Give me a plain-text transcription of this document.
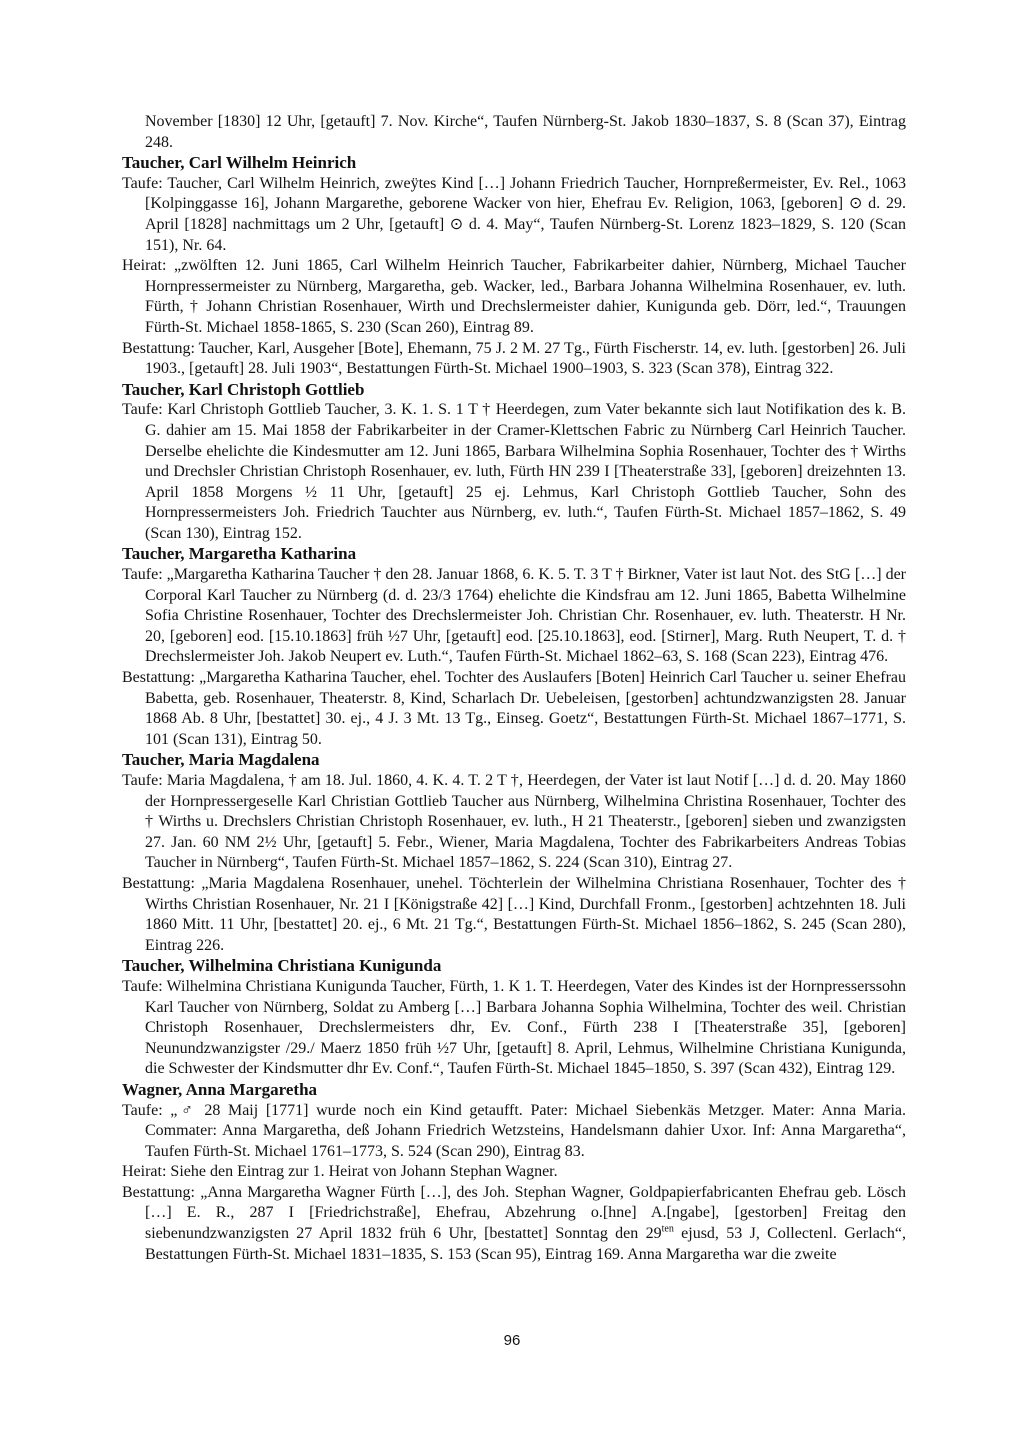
November [1830] 12 Uhr, [getauft] 7. Nov. Kirche“, Taufen Nürnberg-St. Jakob 1830–1837, S. 8 (Scan 37), Eintrag 248.

Taucher, Carl Wilhelm Heinrich

Taufe: Taucher, Carl Wilhelm Heinrich, zweÿtes Kind […] Johann Friedrich Taucher, Hornpreßermeister, Ev. Rel., 1063 [Kolpinggasse 16], Johann Margarethe, geborene Wacker von hier, Ehefrau Ev. Religion, 1063, [geboren] ⊙ d. 29. April [1828] nachmittags um 2 Uhr, [getauft] ⊙ d. 4. May“, Taufen Nürnberg-St. Lorenz 1823–1829, S. 120 (Scan 151), Nr. 64.

Heirat: „zwölften 12. Juni 1865, Carl Wilhelm Heinrich Taucher, Fabrikarbeiter dahier, Nürnberg, Michael Taucher Hornpressermeister zu Nürnberg, Margaretha, geb. Wacker, led., Barbara Johanna Wilhelmina Rosenhauer, ev. luth. Fürth, † Johann Christian Rosenhauer, Wirth und Drechslermeister dahier, Kunigunda geb. Dörr, led.“, Trauungen Fürth-St. Michael 1858-1865, S. 230 (Scan 260), Eintrag 89.

Bestattung: Taucher, Karl, Ausgeher [Bote], Ehemann, 75 J. 2 M. 27 Tg., Fürth Fischerstr. 14, ev. luth. [gestorben] 26. Juli 1903., [getauft] 28. Juli 1903“, Bestattungen Fürth-St. Michael 1900–1903, S. 323 (Scan 378), Eintrag 322.

Taucher, Karl Christoph Gottlieb

Taufe: Karl Christoph Gottlieb Taucher, 3. K. 1. S. 1 T † Heerdegen, zum Vater bekannte sich laut Notifikation des k. B. G. dahier am 15. Mai 1858 der Fabrikarbeiter in der Cramer-Klettschen Fabric zu Nürnberg Carl Heinrich Taucher. Derselbe ehelichte die Kindesmutter am 12. Juni 1865, Barbara Wilhelmina Sophia Rosenhauer, Tochter des † Wirths und Drechsler Christian Christoph Rosenhauer, ev. luth, Fürth HN 239 I [Theaterstraße 33], [geboren] dreizehnten 13. April 1858 Morgens ½ 11 Uhr, [getauft] 25 ej. Lehmus, Karl Christoph Gottlieb Taucher, Sohn des Hornpressermeisters Joh. Friedrich Tauchter aus Nürnberg, ev. luth.“, Taufen Fürth-St. Michael 1857–1862, S. 49 (Scan 130), Eintrag 152.

Taucher, Margaretha Katharina

Taufe: „Margaretha Katharina Taucher † den 28. Januar 1868, 6. K. 5. T. 3 T † Birkner, Vater ist laut Not. des StG […] der Corporal Karl Taucher zu Nürnberg (d. d. 23/3 1764) ehelichte die Kindsfrau am 12. Juni 1865, Babetta Wilhelmine Sofia Christine Rosenhauer, Tochter des Drechslermeister Joh. Christian Chr. Rosenhauer, ev. luth. Theaterstr. H Nr. 20, [geboren] eod. [15.10.1863] früh ½7 Uhr, [getauft] eod. [25.10.1863], eod. [Stirner], Marg. Ruth Neupert, T. d. † Drechslermeister Joh. Jakob Neupert ev. Luth.“, Taufen Fürth-St. Michael 1862–63, S. 168 (Scan 223), Eintrag 476.

Bestattung: „Margaretha Katharina Taucher, ehel. Tochter des Auslaufers [Boten] Heinrich Carl Taucher u. seiner Ehefrau Babetta, geb. Rosenhauer, Theaterstr. 8, Kind, Scharlach Dr. Uebeleisen, [gestorben] achtundzwanzigsten 28. Januar 1868 Ab. 8 Uhr, [bestattet] 30. ej., 4 J. 3 Mt. 13 Tg., Einseg. Goetz“, Bestattungen Fürth-St. Michael 1867–1771, S. 101 (Scan 131), Eintrag 50.

Taucher, Maria Magdalena

Taufe: Maria Magdalena, † am 18. Jul. 1860, 4. K. 4. T. 2 T †, Heerdegen, der Vater ist laut Notif […] d. d. 20. May 1860 der Hornpressergeselle Karl Christian Gottlieb Taucher aus Nürnberg, Wilhelmina Christina Rosenhauer, Tochter des † Wirths u. Drechslers Christian Christoph Rosenhauer, ev. luth., H 21 Theaterstr., [geboren] sieben und zwanzigsten 27. Jan. 60 NM 2½ Uhr, [getauft] 5. Febr., Wiener, Maria Magdalena, Tochter des Fabrikarbeiters Andreas Tobias Taucher in Nürnberg“, Taufen Fürth-St. Michael 1857–1862, S. 224 (Scan 310), Eintrag 27.

Bestattung: „Maria Magdalena Rosenhauer, unehel. Töchterlein der Wilhelmina Christiana Rosenhauer, Tochter des † Wirths Christian Rosenhauer, Nr. 21 I [Königstraße 42] […] Kind, Durchfall Fronm., [gestorben] achtzehnten 18. Juli 1860 Mitt. 11 Uhr, [bestattet] 20. ej., 6 Mt. 21 Tg.“, Bestattungen Fürth-St. Michael 1856–1862, S. 245 (Scan 280), Eintrag 226.

Taucher, Wilhelmina Christiana Kunigunda

Taufe: Wilhelmina Christiana Kunigunda Taucher, Fürth, 1. K 1. T. Heerdegen, Vater des Kindes ist der Hornpresserssohn Karl Taucher von Nürnberg, Soldat zu Amberg […] Barbara Johanna Sophia Wilhelmina, Tochter des weil. Christian Christoph Rosenhauer, Drechslermeisters dhr, Ev. Conf., Fürth 238 I [Theaterstraße 35], [geboren] Neunundzwanzigster /29./ Maerz 1850 früh ½7 Uhr, [getauft] 8. April, Lehmus, Wilhelmine Christiana Kunigunda, die Schwester der Kindsmutter dhr Ev. Conf.“, Taufen Fürth-St. Michael 1845–1850, S. 397 (Scan 432), Eintrag 129.

Wagner, Anna Margaretha

Taufe: „♂ 28 Maij [1771] wurde noch ein Kind getaufft. Pater: Michael Siebenkäs Metzger. Mater: Anna Maria. Commater: Anna Margaretha, deß Johann Friedrich Wetzsteins, Handelsmann dahier Uxor. Inf: Anna Margaretha“, Taufen Fürth-St. Michael 1761–1773, S. 524 (Scan 290), Eintrag 83.

Heirat: Siehe den Eintrag zur 1. Heirat von Johann Stephan Wagner.

Bestattung: „Anna Margaretha Wagner Fürth […], des Joh. Stephan Wagner, Goldpapierfabricanten Ehefrau geb. Lösch […] E. R., 287 I [Friedrichstraße], Ehefrau, Abzehrung o.[hne] A.[ngabe], [gestorben] Freitag den siebenundzwanzigsten 27 April 1832 früh 6 Uhr, [bestattet] Sonntag den $29^{ten}$ ejusd, 53 J, Collectenl. Gerlach“, Bestattungen Fürth-St. Michael 1831–1835, S. 153 (Scan 95), Eintrag 169. Anna Margaretha war die zweite

96
